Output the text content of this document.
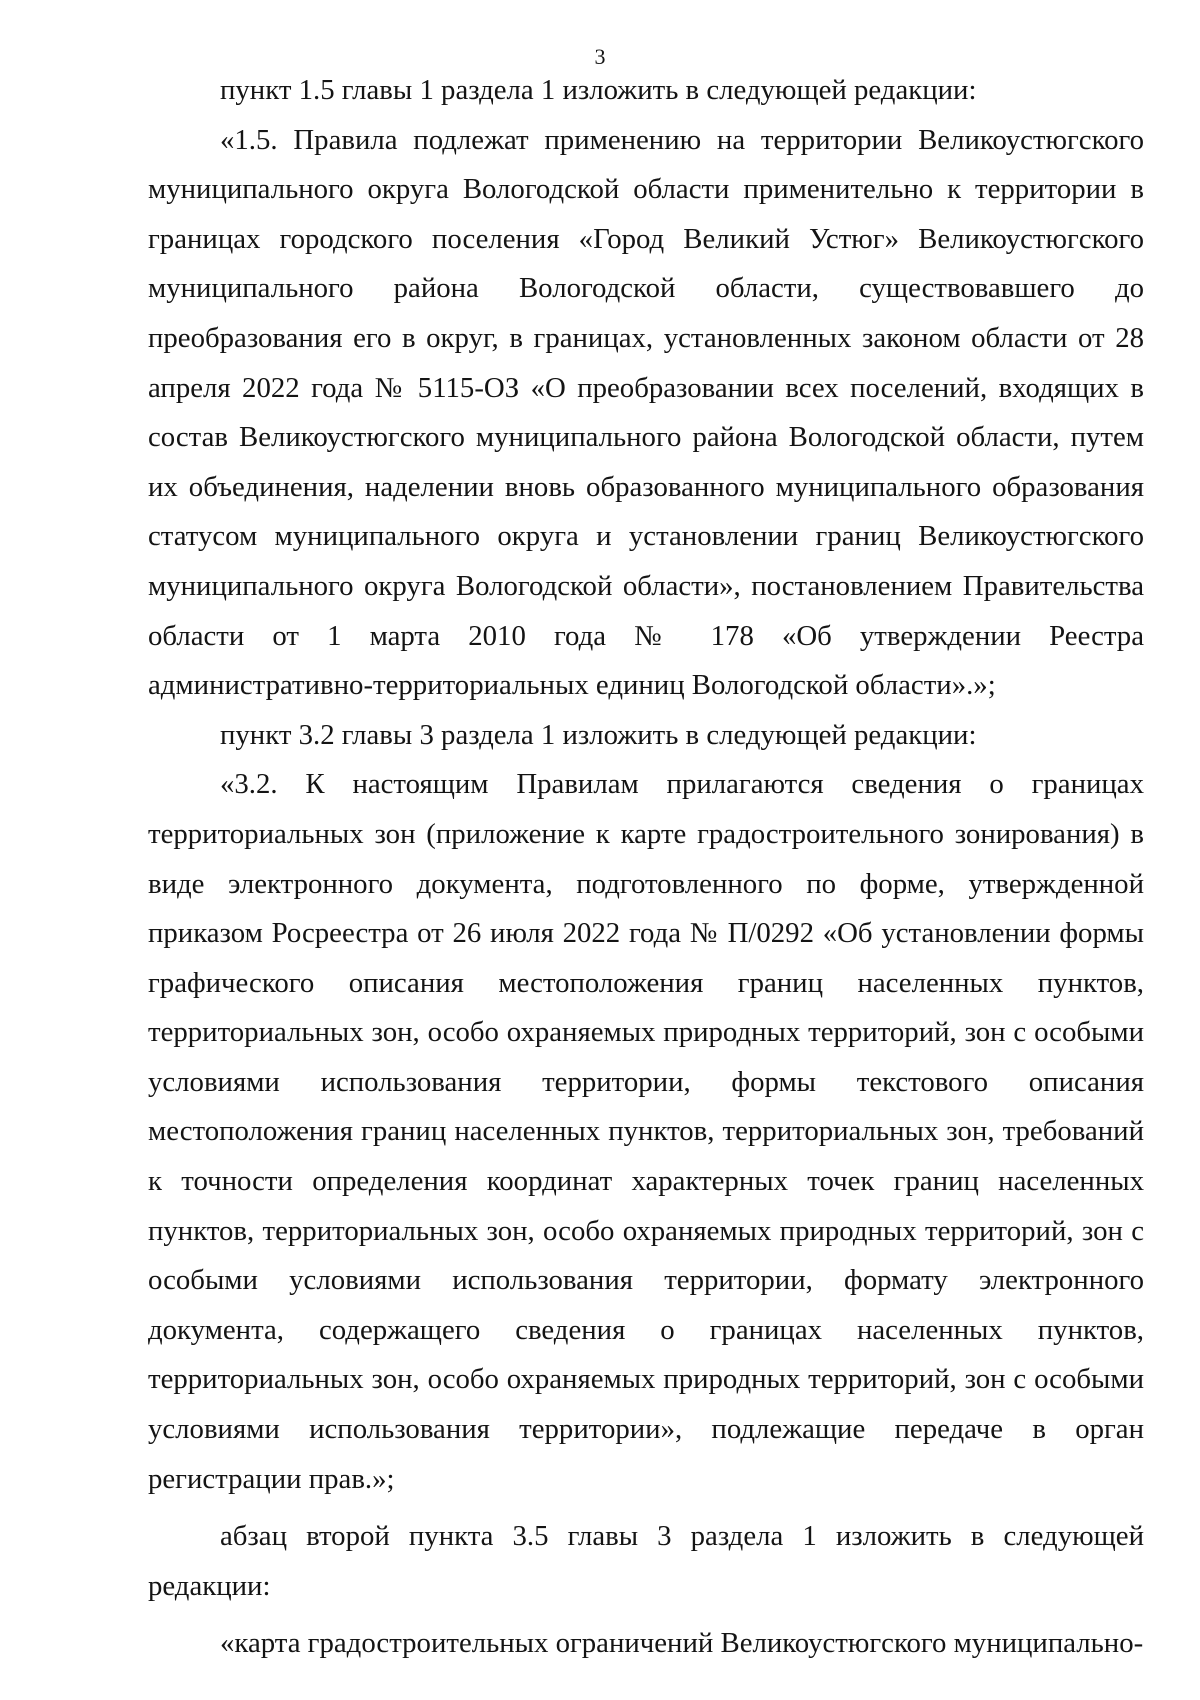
3

пункт 1.5 главы 1 раздела 1 изложить в следующей редакции:

«1.5. Правила подлежат применению на территории Великоустюгского муниципального округа Вологодской области применительно к территории в границах городского поселения «Город Великий Устюг» Великоустюгского муниципального района Вологодской области, существовавшего до преобразования его в округ, в границах, установленных законом области от 28 апреля 2022 года № 5115-ОЗ «О преобразовании всех поселений, входящих в состав Великоустюгского муниципального района Вологодской области, путем их объединения, наделении вновь образованного муниципального образования статусом муниципального округа и установлении границ Великоустюгского муниципального округа Вологодской области», постановлением Правительства области от 1 марта 2010 года № 178 «Об утверждении Реестра административно-территориальных единиц Вологодской области».»;

пункт 3.2 главы 3 раздела 1 изложить в следующей редакции:

«3.2. К настоящим Правилам прилагаются сведения о границах территориальных зон (приложение к карте градостроительного зонирования) в виде электронного документа, подготовленного по форме, утвержденной приказом Росреестра от 26 июля 2022 года № П/0292 «Об установлении формы графического описания местоположения границ населенных пунктов, территориальных зон, особо охраняемых природных территорий, зон с особыми условиями использования территории, формы текстового описания местоположения границ населенных пунктов, территориальных зон, требований к точности определения координат характерных точек границ населенных пунктов, территориальных зон, особо охраняемых природных территорий, зон с особыми условиями использования территории, формату электронного документа, содержащего сведения о границах населенных пунктов, территориальных зон, особо охраняемых природных территорий, зон с особыми условиями использования территории», подлежащие передаче в орган регистрации прав.»;

абзац второй пункта 3.5 главы 3 раздела 1 изложить в следующей редакции:

«карта градостроительных ограничений Великоустюгского муниципально-
